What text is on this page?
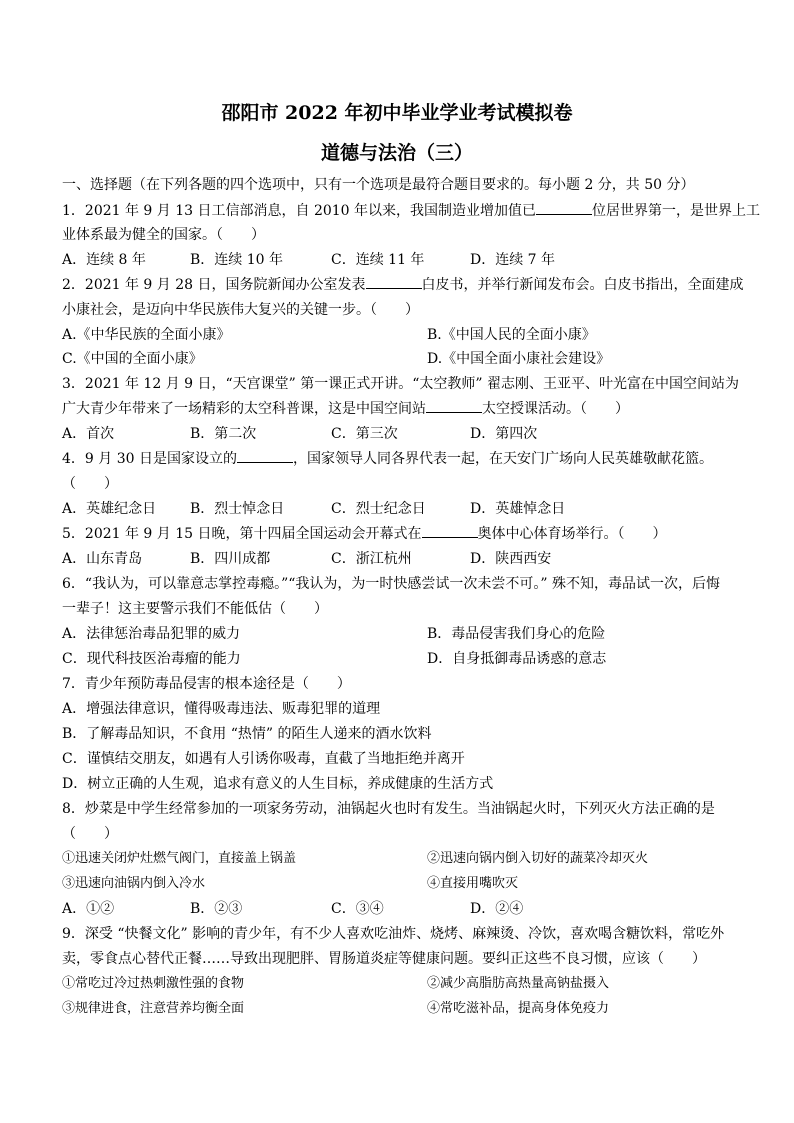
邵阳市 2022 年初中毕业学业考试模拟卷
道德与法治（三）
一、选择题（在下列各题的四个选项中，只有一个选项是最符合题目要求的。每小题 2 分，共 50 分）
1．2021 年 9 月 13 日工信部消息，自 2010 年以来，我国制造业增加值已	位居世界第一，是世界上工
业体系最为健全的国家。（　　）
A．连续 8 年	B．连续 10 年	C．连续 11 年	D．连续 7 年
2．2021 年 9 月 28 日，国务院新闻办公室发表	白皮书，并举行新闻发布会。白皮书指出，全面建成
小康社会，是迈向中华民族伟大复兴的关键一步。（　　）
A.《中华民族的全面小康》	B.《中国人民的全面小康》
C.《中国的全面小康》	D.《中国全面小康社会建设》
3．2021 年 12 月 9 日，“天宫课堂” 第一课正式开讲。“太空教师” 翟志刚、王亚平、叶光富在中国空间站为
广大青少年带来了一场精彩的太空科普课，这是中国空间站	太空授课活动。（　　）
A．首次	B．第二次	C．第三次	D．第四次
4．9 月 30 日是国家设立的	，国家领导人同各界代表一起，在天安门广场向人民英雄敬献花篮。
（　　）
A．英雄纪念日 B．烈士悼念日	C．烈士纪念日	D．英雄悼念日
5．2021 年 9 月 15 日晚，第十四届全国运动会开幕式在	奥体中心体育场举行。（　　）
A．山东青岛	B．四川成都	C．浙江杭州	D．陕西西安
6．“我认为，可以靠意志掌控毒瘾。”“我认为，为一时快感尝试一次未尝不可。” 殊不知，毒品试一次，后悔
一辈子！这主要警示我们不能低估（　　）
A．法律惩治毒品犯罪的威力	B．毒品侵害我们身心的危险
C．现代科技医治毒瘤的能力	D．自身抵御毒品诱惑的意志
7．青少年预防毒品侵害的根本途径是（　　）
A．增强法律意识，懂得吸毒违法、贩毒犯罪的道理
B．了解毒品知识，不食用 “热情” 的陌生人递来的酒水饮料
C．谨慎结交朋友，如遇有人引诱你吸毒，直截了当地拒绝并离开
D．树立正确的人生观，追求有意义的人生目标，养成健康的生活方式
8．炒菜是中学生经常参加的一项家务劳动，油锅起火也时有发生。当油锅起火时，下列灭火方法正确的是
（　　）
①迅速关闭炉灶燃气阀门，直接盖上锅盖	②迅速向锅内倒入切好的蔬菜冷却灭火
③迅速向油锅内倒入冷水	④直接用嘴吹灭
A．①②	B．②③	C．③④	D．②④
9．深受 “快餐文化” 影响的青少年，有不少人喜欢吃油炸、烧烤、麻辣烫、冷饮，喜欢喝含糖饮料，常吃外
卖，零食点心替代正餐……导致出现肥胖、胃肠道炎症等健康问题。要纠正这些不良习惯，应该（　　）
①常吃过冷过热刺激性强的食物	②减少高脂肪高热量高钠盐摄入
③规律进食，注意营养均衡全面	④常吃滋补品，提高身体免疫力
